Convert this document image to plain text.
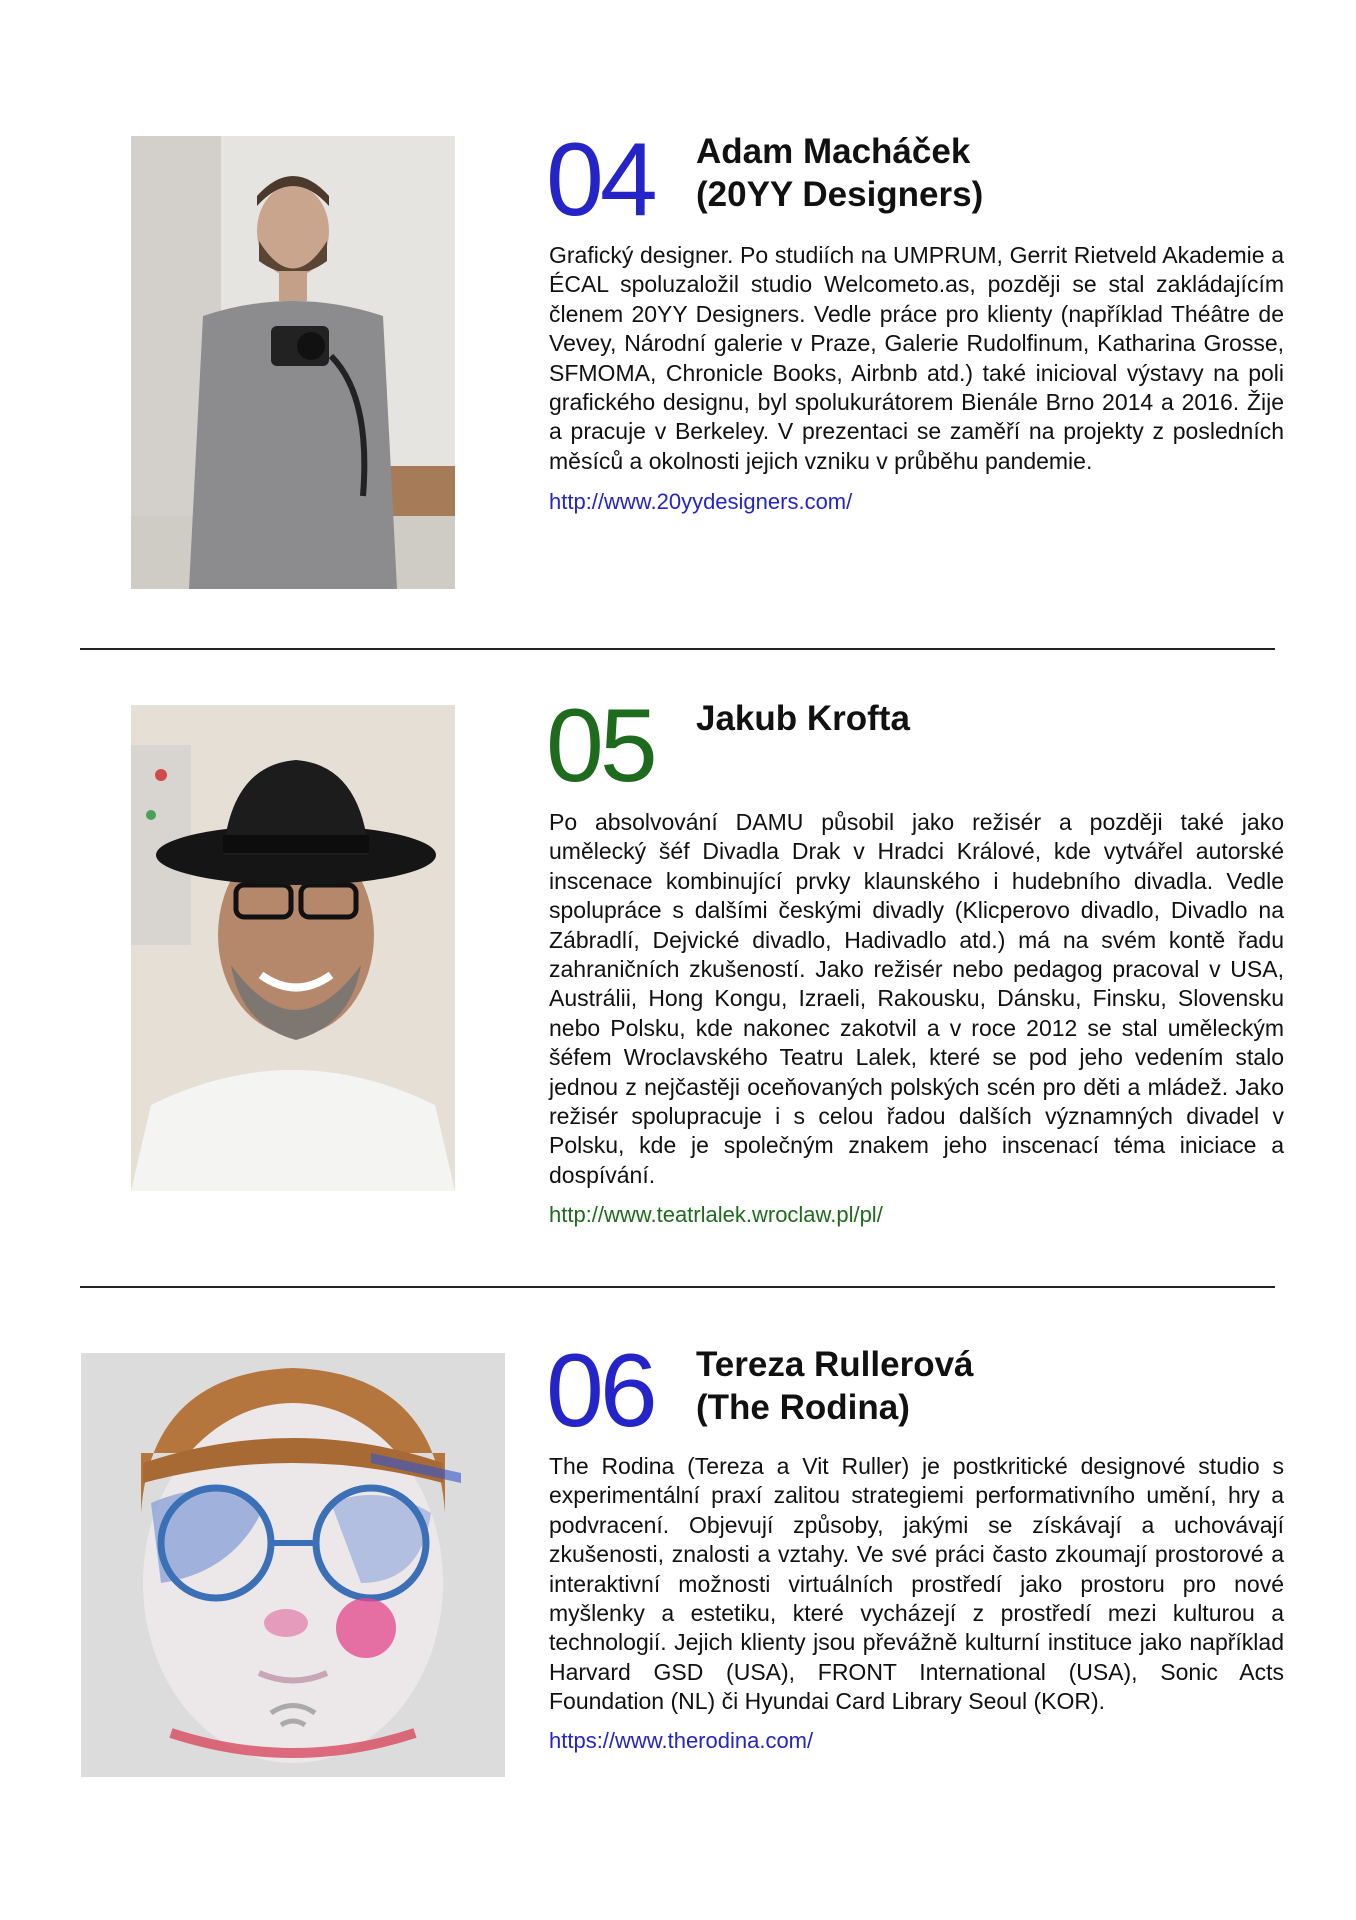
04 Adam Macháček
(20YY Designers)
Grafický designer. Po studiích na UMPRUM, Gerrit Rietveld Akademie a ÉCAL spoluzaložil studio Welcometo.as, později se stal zakládajícím členem 20YY Designers. Vedle práce pro klienty (například Théâtre de Vevey, Národní galerie v Praze, Galerie Rudolfinum, Katharina Grosse, SFMOMA, Chronicle Books, Airbnb atd.) také inicioval výstavy na poli grafického designu, byl spolukurátorem Bienále Brno 2014 a 2016. Žije a pracuje v Berkeley. V prezentaci se zaměří na projekty z posledních měsíců a okolnosti jejich vzniku v průběhu pandemie.
http://www.20yydesigners.com/
05 Jakub Krofta
Po absolvování DAMU působil jako režisér a později také jako umělecký šéf Divadla Drak v Hradci Králové, kde vytvářel autorské inscenace kombinující prvky klaunského i hudebního divadla. Vedle spolupráce s dalšími českými divadly (Klicperovo divadlo, Divadlo na Zábradlí, Dejvické divadlo, Hadivadlo atd.) má na svém kontě řadu zahraničních zkušeností. Jako režisér nebo pedagog pracoval v USA, Austrálii, Hong Kongu, Izraeli, Rakousku, Dánsku, Finsku, Slovensku nebo Polsku, kde nakonec zakotvil a v roce 2012 se stal uměleckým šéfem Wroclavského Teatru Lalek, které se pod jeho vedením stalo jednou z nejčastěji oceňovaných polských scén pro děti a mládež. Jako režisér spolupracuje i s celou řadou dalších významných divadel v Polsku, kde je společným znakem jeho inscenací téma iniciace a dospívání.
http://www.teatrlalek.wroclaw.pl/pl/
06 Tereza Rullerová
(The Rodina)
The Rodina (Tereza a Vit Ruller) je postkritické designové studio s experimentální praxí zalitou strategiemi performativního umění, hry a podvracení. Objevují způsoby, jakými se získávají a uchovávají zkušenosti, znalosti a vztahy. Ve své práci často zkoumají prostorové a interaktivní možnosti virtuálních prostředí jako prostoru pro nové myšlenky a estetiku, které vycházejí z prostředí mezi kulturou a technologií. Jejich klienty jsou převážně kulturní instituce jako například Harvard GSD (USA), FRONT International (USA), Sonic Acts Foundation (NL) či Hyundai Card Library Seoul (KOR).
https://www.therodina.com/
